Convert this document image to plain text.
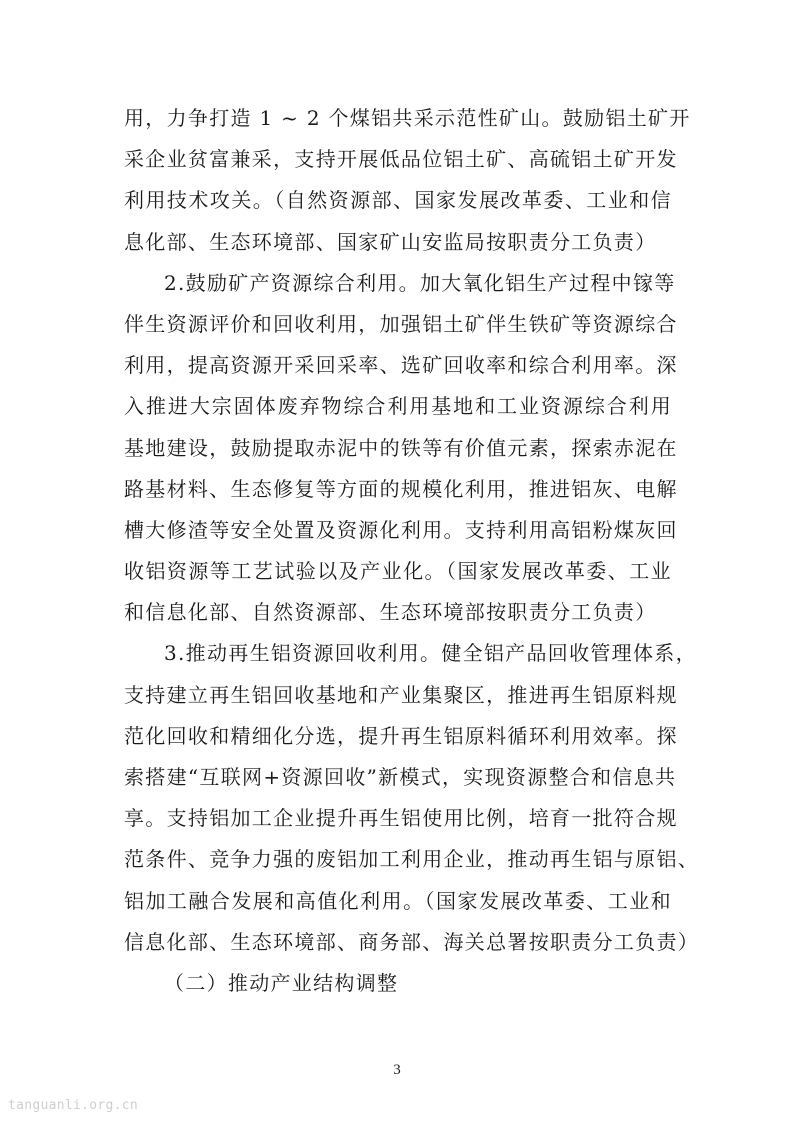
用，力争打造 1 ~ 2 个煤铝共采示范性矿山。鼓励铝土矿开
采企业贫富兼采，支持开展低品位铝土矿、高硫铝土矿开发
利用技术攻关。（自然资源部、国家发展改革委、工业和信
息化部、生态环境部、国家矿山安监局按职责分工负责）
2.鼓励矿产资源综合利用。加大氧化铝生产过程中镓等
伴生资源评价和回收利用，加强铝土矿伴生铁矿等资源综合
利用，提高资源开采回采率、选矿回收率和综合利用率。深
入推进大宗固体废弃物综合利用基地和工业资源综合利用
基地建设，鼓励提取赤泥中的铁等有价值元素，探索赤泥在
路基材料、生态修复等方面的规模化利用，推进铝灰、电解
槽大修渣等安全处置及资源化利用。支持利用高铝粉煤灰回
收铝资源等工艺试验以及产业化。（国家发展改革委、工业
和信息化部、自然资源部、生态环境部按职责分工负责）
3.推动再生铝资源回收利用。健全铝产品回收管理体系，
支持建立再生铝回收基地和产业集聚区，推进再生铝原料规
范化回收和精细化分选，提升再生铝原料循环利用效率。探
索搭建“互联网+资源回收”新模式，实现资源整合和信息共
享。支持铝加工企业提升再生铝使用比例，培育一批符合规
范条件、竞争力强的废铝加工利用企业，推动再生铝与原铝、
铝加工融合发展和高值化利用。（国家发展改革委、工业和
信息化部、生态环境部、商务部、海关总署按职责分工负责）
（二）推动产业结构调整
3
tanguanli.org.cn
